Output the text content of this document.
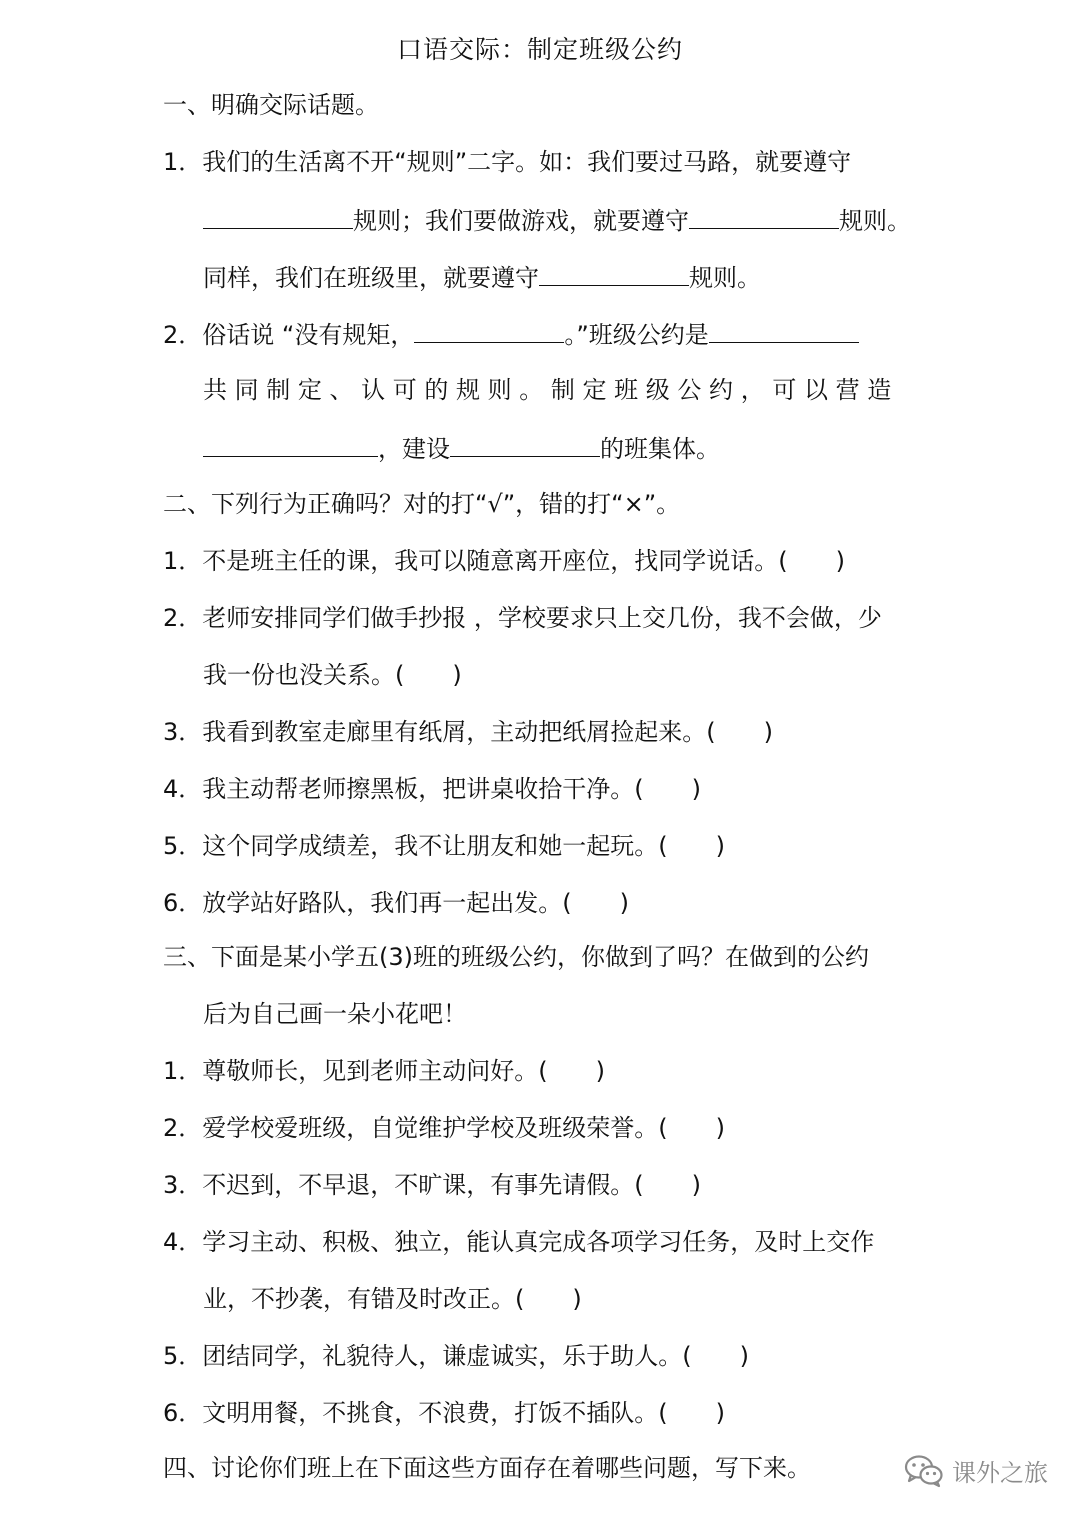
口语交际：制定班级公约
一、明确交际话题。
1．我们的生活离不开“规则”二字。如：我们要过马路，就要遵守
规则；我们要做游戏，就要遵守	规则。
同样，我们在班级里，就要遵守	规则。
2．俗话说 “没有规矩，	。”班级公约是
共 同 制 定 、 认 可 的 规 则 。 制 定 班 级 公 约 ， 可 以 营 造
，建设	的班集体。
二、下列行为正确吗？对的打“√”，错的打“×”。
1．不是班主任的课，我可以随意离开座位，找同学说话。(　　)
2．老师安排同学们做手抄报 ，学校要求只上交几份，我不会做，少
我一份也没关系。(　　)
3．我看到教室走廊里有纸屑，主动把纸屑捡起来。(　　)
4．我主动帮老师擦黑板，把讲桌收拾干净。(　　)
5．这个同学成绩差，我不让朋友和她一起玩。(　　)
6．放学站好路队，我们再一起出发。(　　)
三、下面是某小学五(3)班的班级公约，你做到了吗？在做到的公约
后为自己画一朵小花吧！
1．尊敬师长，见到老师主动问好。(　　)
2．爱学校爱班级，自觉维护学校及班级荣誉。(　　)
3．不迟到，不早退，不旷课，有事先请假。(　　)
4．学习主动、积极、独立，能认真完成各项学习任务，及时上交作
业，不抄袭，有错及时改正。(　　)
5．团结同学，礼貌待人，谦虚诚实，乐于助人。(　　)
6．文明用餐，不挑食，不浪费，打饭不插队。(　　)
四、讨论你们班上在下面这些方面存在着哪些问题，写下来。	课外之旅
